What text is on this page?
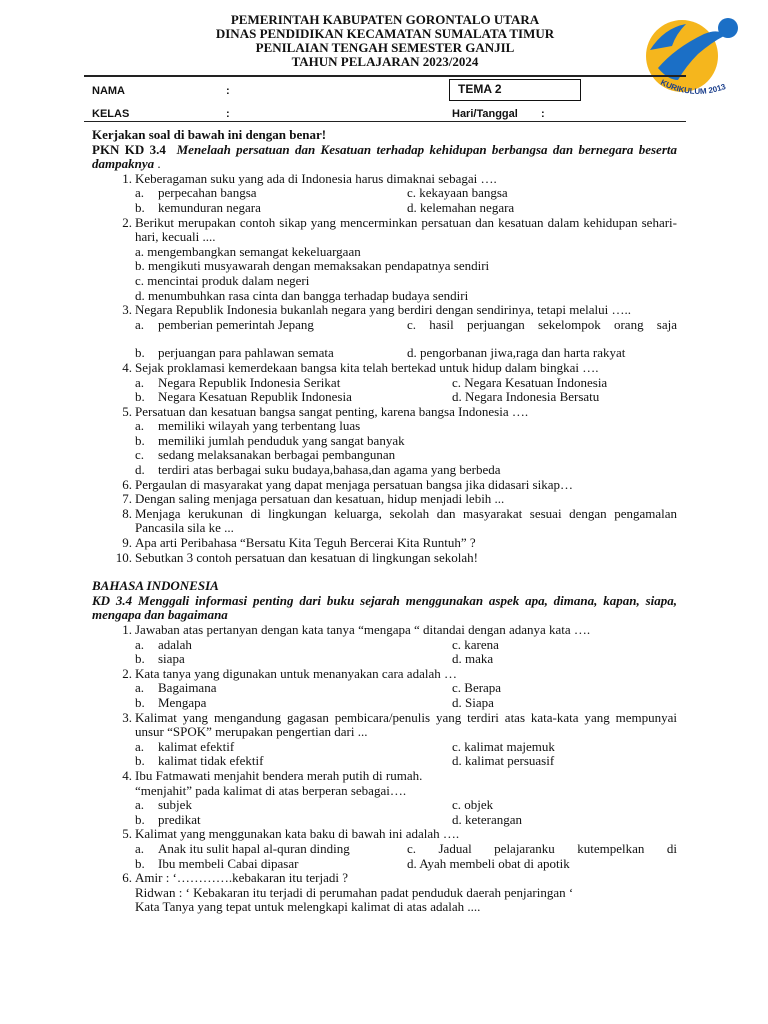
PEMERINTAH KABUPATEN GORONTALO UTARA
DINAS PENDIDIKAN KECAMATAN SUMALATA TIMUR
PENILAIAN TENGAH SEMESTER GANJIL
TAHUN PELAJARAN 2023/2024
KURIKULUM 2013
NAMA	:	TEMA 2
KELAS	:	Hari/Tanggal :

Kerjakan soal di bawah ini dengan benar!

PKN KD 3.4 Menelaah persatuan dan Kesatuan terhadap kehidupan berbangsa dan bernegara beserta dampaknya .

1. Keberagaman suku yang ada di Indonesia harus dimaknai sebagai ….
a.	perpecahan bangsa	c. kekayaan bangsa
b.	kemunduran negara	d. kelemahan negara
2. Berikut merupakan contoh sikap yang mencerminkan persatuan dan kesatuan dalam kehidupan sehari-hari, kecuali ....
a. mengembangkan semangat kekeluargaan
b. mengikuti musyawarah dengan memaksakan pendapatnya sendiri
c. mencintai produk dalam negeri
d. menumbuhkan rasa cinta dan bangga terhadap budaya sendiri
3. Negara Republik Indonesia bukanlah negara yang berdiri dengan sendirinya, tetapi melalui …..
a.	pemberian pemerintah Jepang	c. hasil perjuangan sekelompok orang saja
b.	perjuangan para pahlawan semata	d. pengorbanan jiwa,raga dan harta rakyat
4. Sejak proklamasi kemerdekaan bangsa kita telah bertekad untuk hidup dalam bingkai ….
a.	Negara Republik Indonesia Serikat	c. Negara Kesatuan Indonesia
b.	Negara Kesatuan Republik Indonesia	d. Negara Indonesia Bersatu
5. Persatuan dan kesatuan bangsa sangat penting, karena bangsa Indonesia ….
a.	memiliki wilayah yang terbentang luas
b.	memiliki jumlah penduduk yang sangat banyak
c.	sedang melaksanakan berbagai pembangunan
d.	terdiri atas berbagai suku budaya,bahasa,dan agama yang berbeda
6. Pergaulan di masyarakat yang dapat menjaga persatuan bangsa jika didasari sikap…
7. Dengan saling menjaga persatuan dan kesatuan, hidup menjadi lebih ...
8. Menjaga kerukunan di lingkungan keluarga, sekolah dan masyarakat sesuai dengan pengamalan Pancasila sila ke ...
9. Apa arti Peribahasa “Bersatu Kita Teguh Bercerai Kita Runtuh” ?
10. Sebutkan 3 contoh persatuan dan kesatuan di lingkungan sekolah!

BAHASA INDONESIA

KD 3.4 Menggali informasi penting dari buku sejarah menggunakan aspek apa, dimana, kapan, siapa, mengapa dan bagaimana

1. Jawaban atas pertanyan dengan kata tanya “mengapa “ ditandai dengan adanya kata ….
a.	adalah	c. karena
b.	siapa	d. maka
2. Kata tanya yang digunakan untuk menanyakan cara adalah …
a.	Bagaimana	c. Berapa
b.	Mengapa	d. Siapa
3. Kalimat yang mengandung gagasan pembicara/penulis yang terdiri atas kata-kata yang mempunyai unsur “SPOK” merupakan pengertian dari ...
a.	kalimat efektif	c. kalimat majemuk
b.	kalimat tidak efektif	d. kalimat persuasif
4. Ibu Fatmawati menjahit bendera merah putih di rumah.
“menjahit” pada kalimat di atas berperan sebagai….
a.	subjek	c. objek
b.	predikat	d. keterangan
5. Kalimat yang menggunakan kata baku di bawah ini adalah ….
a.	Anak itu sulit hapal al-quran dinding	c. Jadual pelajaranku kutempelkan di
b.	Ibu membeli Cabai dipasar	d. Ayah membeli obat di apotik
6. Amir : ‘………….kebakaran itu terjadi ?
Ridwan : ‘ Kebakaran itu terjadi di perumahan padat penduduk daerah penjaringan ‘
Kata Tanya yang tepat untuk melengkapi kalimat di atas adalah ....
